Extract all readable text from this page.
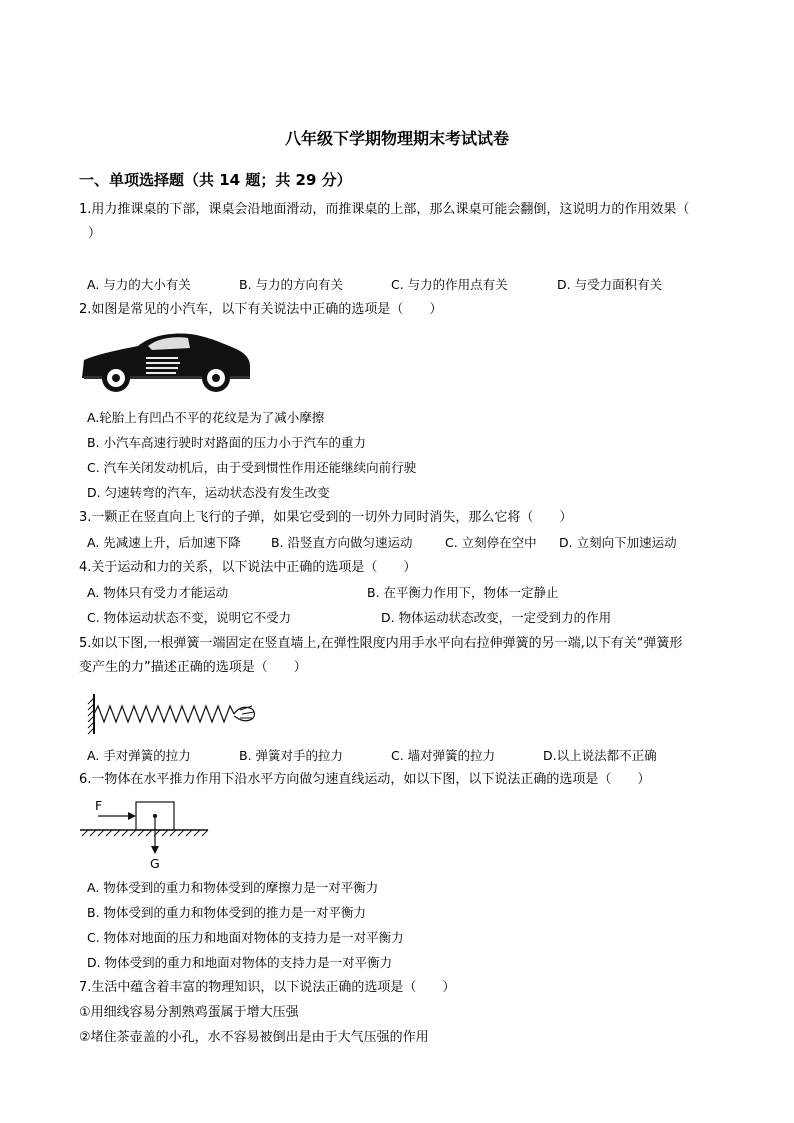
八年级下学期物理期末考试试卷
一、单项选择题（共 14 题；共 29 分）
1.用力推课桌的下部，课桌会沿地面滑动，而推课桌的上部，那么课桌可能会翻倒，这说明力的作用效果（
）
A. 与力的大小有关	B. 与力的方向有关	C. 与力的作用点有关	D. 与受力面积有关
2.如图是常见的小汽车，以下有关说法中正确的选项是（　　）
A.轮胎上有凹凸不平的花纹是为了减小摩擦
B. 小汽车高速行驶时对路面的压力小于汽车的重力
C. 汽车关闭发动机后，由于受到惯性作用还能继续向前行驶
D. 匀速转弯的汽车，运动状态没有发生改变
3.一颗正在竖直向上飞行的子弹，如果它受到的一切外力同时消失，那么它将（　　）
A. 先减速上升，后加速下降 B. 沿竖直方向做匀速运动	C. 立刻停在空中 D. 立刻向下加速运动
4.关于运动和力的关系，以下说法中正确的选项是（　　）
A. 物体只有受力才能运动	B. 在平衡力作用下，物体一定静止
C. 物体运动状态不变，说明它不受力	D. 物体运动状态改变，一定受到力的作用
5.如以下图,一根弹簧一端固定在竖直墙上,在弹性限度内用手水平向右拉伸弹簧的另一端,以下有关“弹簧形
变产生的力”描述正确的选项是（　　）
A. 手对弹簧的拉力	B. 弹簧对手的拉力	C. 墙对弹簧的拉力	D.以上说法都不正确
6.一物体在水平推力作用下沿水平方向做匀速直线运动，如以下图，以下说法正确的选项是（　　）
F
G
A. 物体受到的重力和物体受到的摩擦力是一对平衡力
B. 物体受到的重力和物体受到的推力是一对平衡力
C. 物体对地面的压力和地面对物体的支持力是一对平衡力
D. 物体受到的重力和地面对物体的支持力是一对平衡力
7.生活中蕴含着丰富的物理知识，以下说法正确的选项是（　　）
①用细线容易分割熟鸡蛋属于增大压强
②堵住茶壶盖的小孔，水不容易被倒出是由于大气压强的作用
